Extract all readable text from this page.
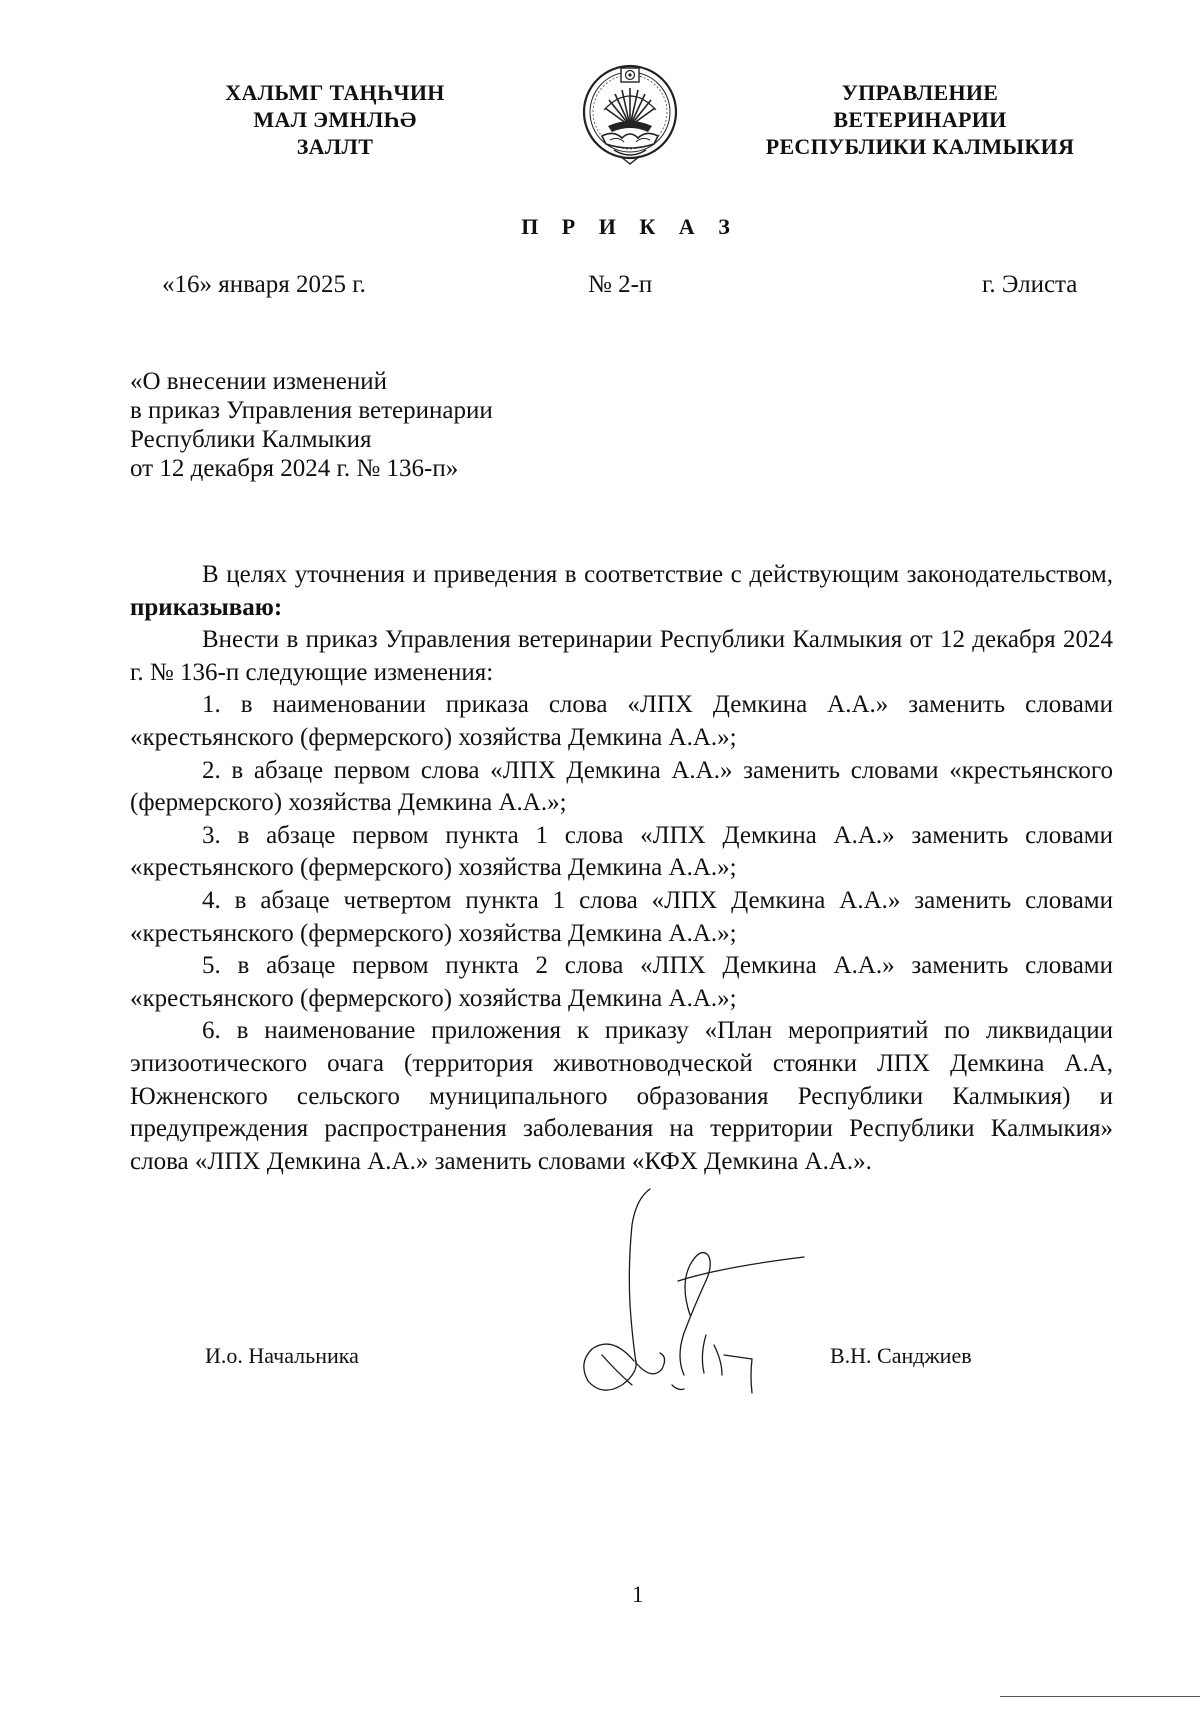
ХАЛЬМГ ТАҢҺЧИН
МАЛ ЭМНЛҺӘ
ЗАЛЛТ
УПРАВЛЕНИЕ
ВЕТЕРИНАРИИ
РЕСПУБЛИКИ КАЛМЫКИЯ
П Р И К А З
«16» января 2025 г.	№ 2-п	г. Элиста
«О внесении изменений
в приказ Управления ветеринарии
Республики Калмыкия
от 12 декабря 2024 г. № 136-п»

В целях уточнения и приведения в соответствие с действующим законодательством, приказываю:

Внести в приказ Управления ветеринарии Республики Калмыкия от 12 декабря 2024 г. № 136-п следующие изменения:

1. в наименовании приказа слова «ЛПХ Демкина А.А.» заменить словами «крестьянского (фермерского) хозяйства Демкина А.А.»;

2. в абзаце первом слова «ЛПХ Демкина А.А.» заменить словами «крестьянского (фермерского) хозяйства Демкина А.А.»;

3. в абзаце первом пункта 1 слова «ЛПХ Демкина А.А.» заменить словами «крестьянского (фермерского) хозяйства Демкина А.А.»;

4. в абзаце четвертом пункта 1 слова «ЛПХ Демкина А.А.» заменить словами «крестьянского (фермерского) хозяйства Демкина А.А.»;

5. в абзаце первом пункта 2 слова «ЛПХ Демкина А.А.» заменить словами «крестьянского (фермерского) хозяйства Демкина А.А.»;

6. в наименование приложения к приказу «План мероприятий по ликвидации эпизоотического очага (территория животноводческой стоянки ЛПХ Демкина А.А, Южненского сельского муниципального образования Республики Калмыкия) и предупреждения распространения заболевания на территории Республики Калмыкия» слова «ЛПХ Демкина А.А.» заменить словами «КФХ Демкина А.А.».

И.о. Начальника	В.Н. Санджиев
1
